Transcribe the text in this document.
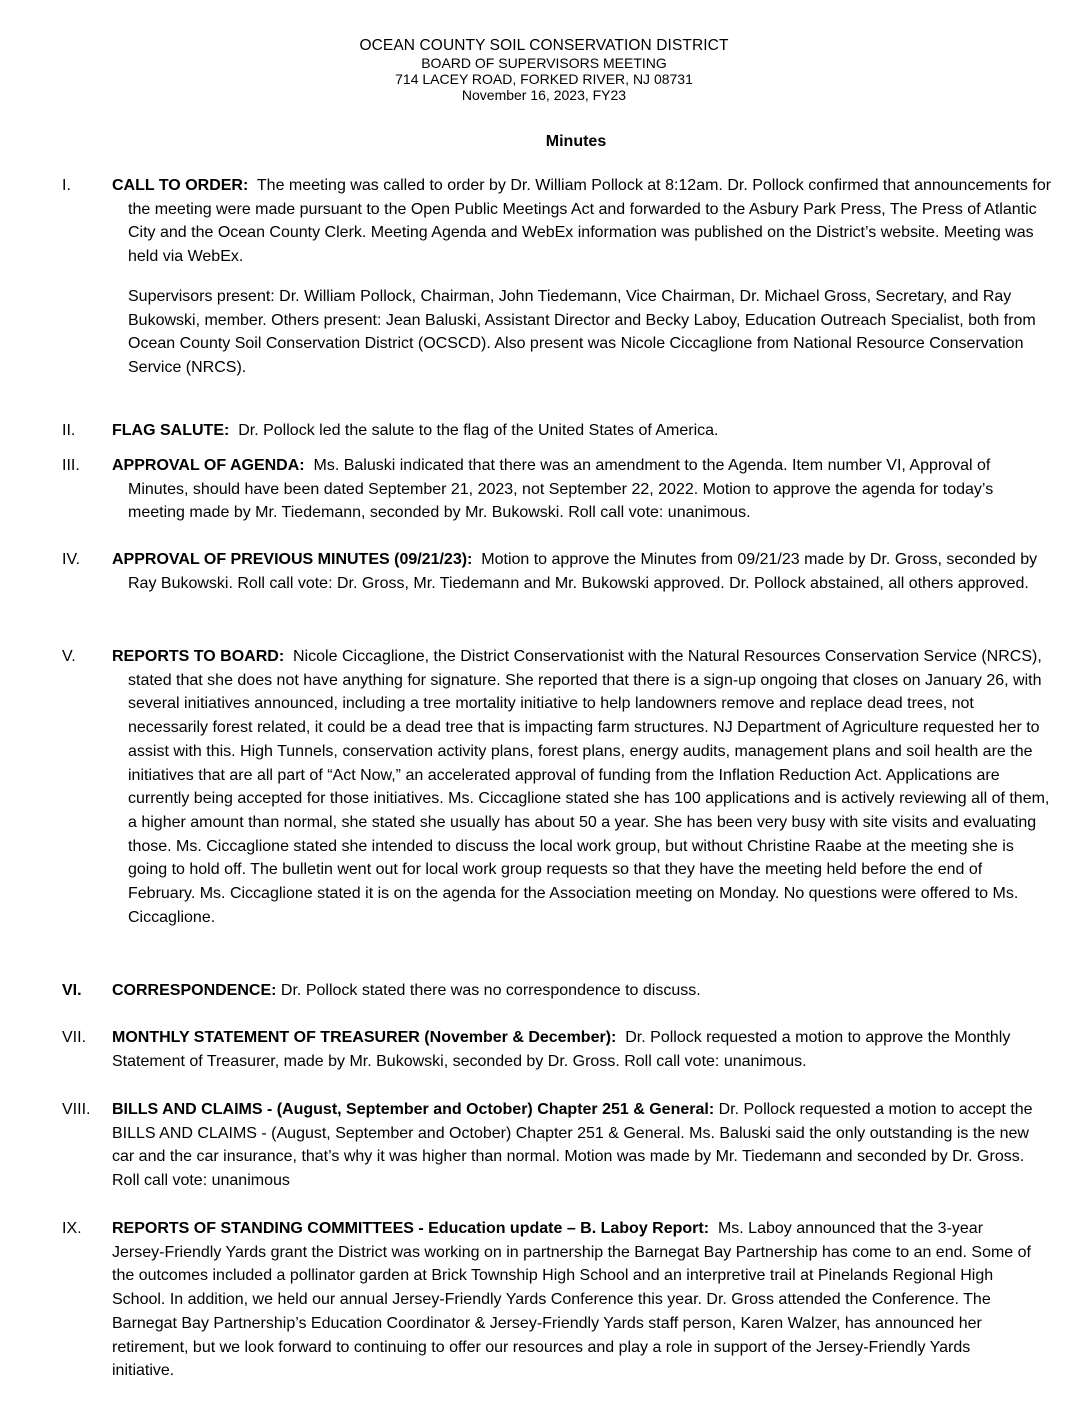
OCEAN COUNTY SOIL CONSERVATION DISTRICT
BOARD OF SUPERVISORS MEETING
714 LACEY ROAD, FORKED RIVER, NJ 08731
November 16, 2023, FY23
Minutes
I.	CALL TO ORDER: The meeting was called to order by Dr. William Pollock at 8:12am. Dr. Pollock confirmed that announcements for the meeting were made pursuant to the Open Public Meetings Act and forwarded to the Asbury Park Press, The Press of Atlantic City and the Ocean County Clerk. Meeting Agenda and WebEx information was published on the District’s website. Meeting was held via WebEx.
Supervisors present: Dr. William Pollock, Chairman, John Tiedemann, Vice Chairman, Dr. Michael Gross, Secretary, and Ray Bukowski, member. Others present: Jean Baluski, Assistant Director and Becky Laboy, Education Outreach Specialist, both from Ocean County Soil Conservation District (OCSCD). Also present was Nicole Ciccaglione from National Resource Conservation Service (NRCS).
II. FLAG SALUTE: Dr. Pollock led the salute to the flag of the United States of America.
III. APPROVAL OF AGENDA: Ms. Baluski indicated that there was an amendment to the Agenda. Item number VI, Approval of Minutes, should have been dated September 21, 2023, not September 22, 2022. Motion to approve the agenda for today’s meeting made by Mr. Tiedemann, seconded by Mr. Bukowski. Roll call vote: unanimous.
IV. APPROVAL OF PREVIOUS MINUTES (09/21/23): Motion to approve the Minutes from 09/21/23 made by Dr. Gross, seconded by Ray Bukowski. Roll call vote: Dr. Gross, Mr. Tiedemann and Mr. Bukowski approved. Dr. Pollock abstained, all others approved.
V. REPORTS TO BOARD: Nicole Ciccaglione, the District Conservationist with the Natural Resources Conservation Service (NRCS), stated that she does not have anything for signature. She reported that there is a sign-up ongoing that closes on January 26, with several initiatives announced, including a tree mortality initiative to help landowners remove and replace dead trees, not necessarily forest related, it could be a dead tree that is impacting farm structures. NJ Department of Agriculture requested her to assist with this. High Tunnels, conservation activity plans, forest plans, energy audits, management plans and soil health are the initiatives that are all part of “Act Now,” an accelerated approval of funding from the Inflation Reduction Act. Applications are currently being accepted for those initiatives. Ms. Ciccaglione stated she has 100 applications and is actively reviewing all of them, a higher amount than normal, she stated she usually has about 50 a year. She has been very busy with site visits and evaluating those. Ms. Ciccaglione stated she intended to discuss the local work group, but without Christine Raabe at the meeting she is going to hold off. The bulletin went out for local work group requests so that they have the meeting held before the end of February. Ms. Ciccaglione stated it is on the agenda for the Association meeting on Monday. No questions were offered to Ms. Ciccaglione.
VI. CORRESPONDENCE: Dr. Pollock stated there was no correspondence to discuss.
VII. MONTHLY STATEMENT OF TREASURER (November & December): Dr. Pollock requested a motion to approve the Monthly Statement of Treasurer, made by Mr. Bukowski, seconded by Dr. Gross. Roll call vote: unanimous.
VIII. BILLS AND CLAIMS - (August, September and October) Chapter 251 & General: Dr. Pollock requested a motion to accept the BILLS AND CLAIMS - (August, September and October) Chapter 251 & General. Ms. Baluski said the only outstanding is the new car and the car insurance, that’s why it was higher than normal. Motion was made by Mr. Tiedemann and seconded by Dr. Gross. Roll call vote: unanimous
IX. REPORTS OF STANDING COMMITTEES - Education update – B. Laboy Report: Ms. Laboy announced that the 3-year Jersey-Friendly Yards grant the District was working on in partnership the Barnegat Bay Partnership has come to an end. Some of the outcomes included a pollinator garden at Brick Township High School and an interpretive trail at Pinelands Regional High School. In addition, we held our annual Jersey-Friendly Yards Conference this year. Dr. Gross attended the Conference. The Barnegat Bay Partnership’s Education Coordinator & Jersey-Friendly Yards staff person, Karen Walzer, has announced her retirement, but we look forward to continuing to offer our resources and play a role in support of the Jersey-Friendly Yards initiative.
